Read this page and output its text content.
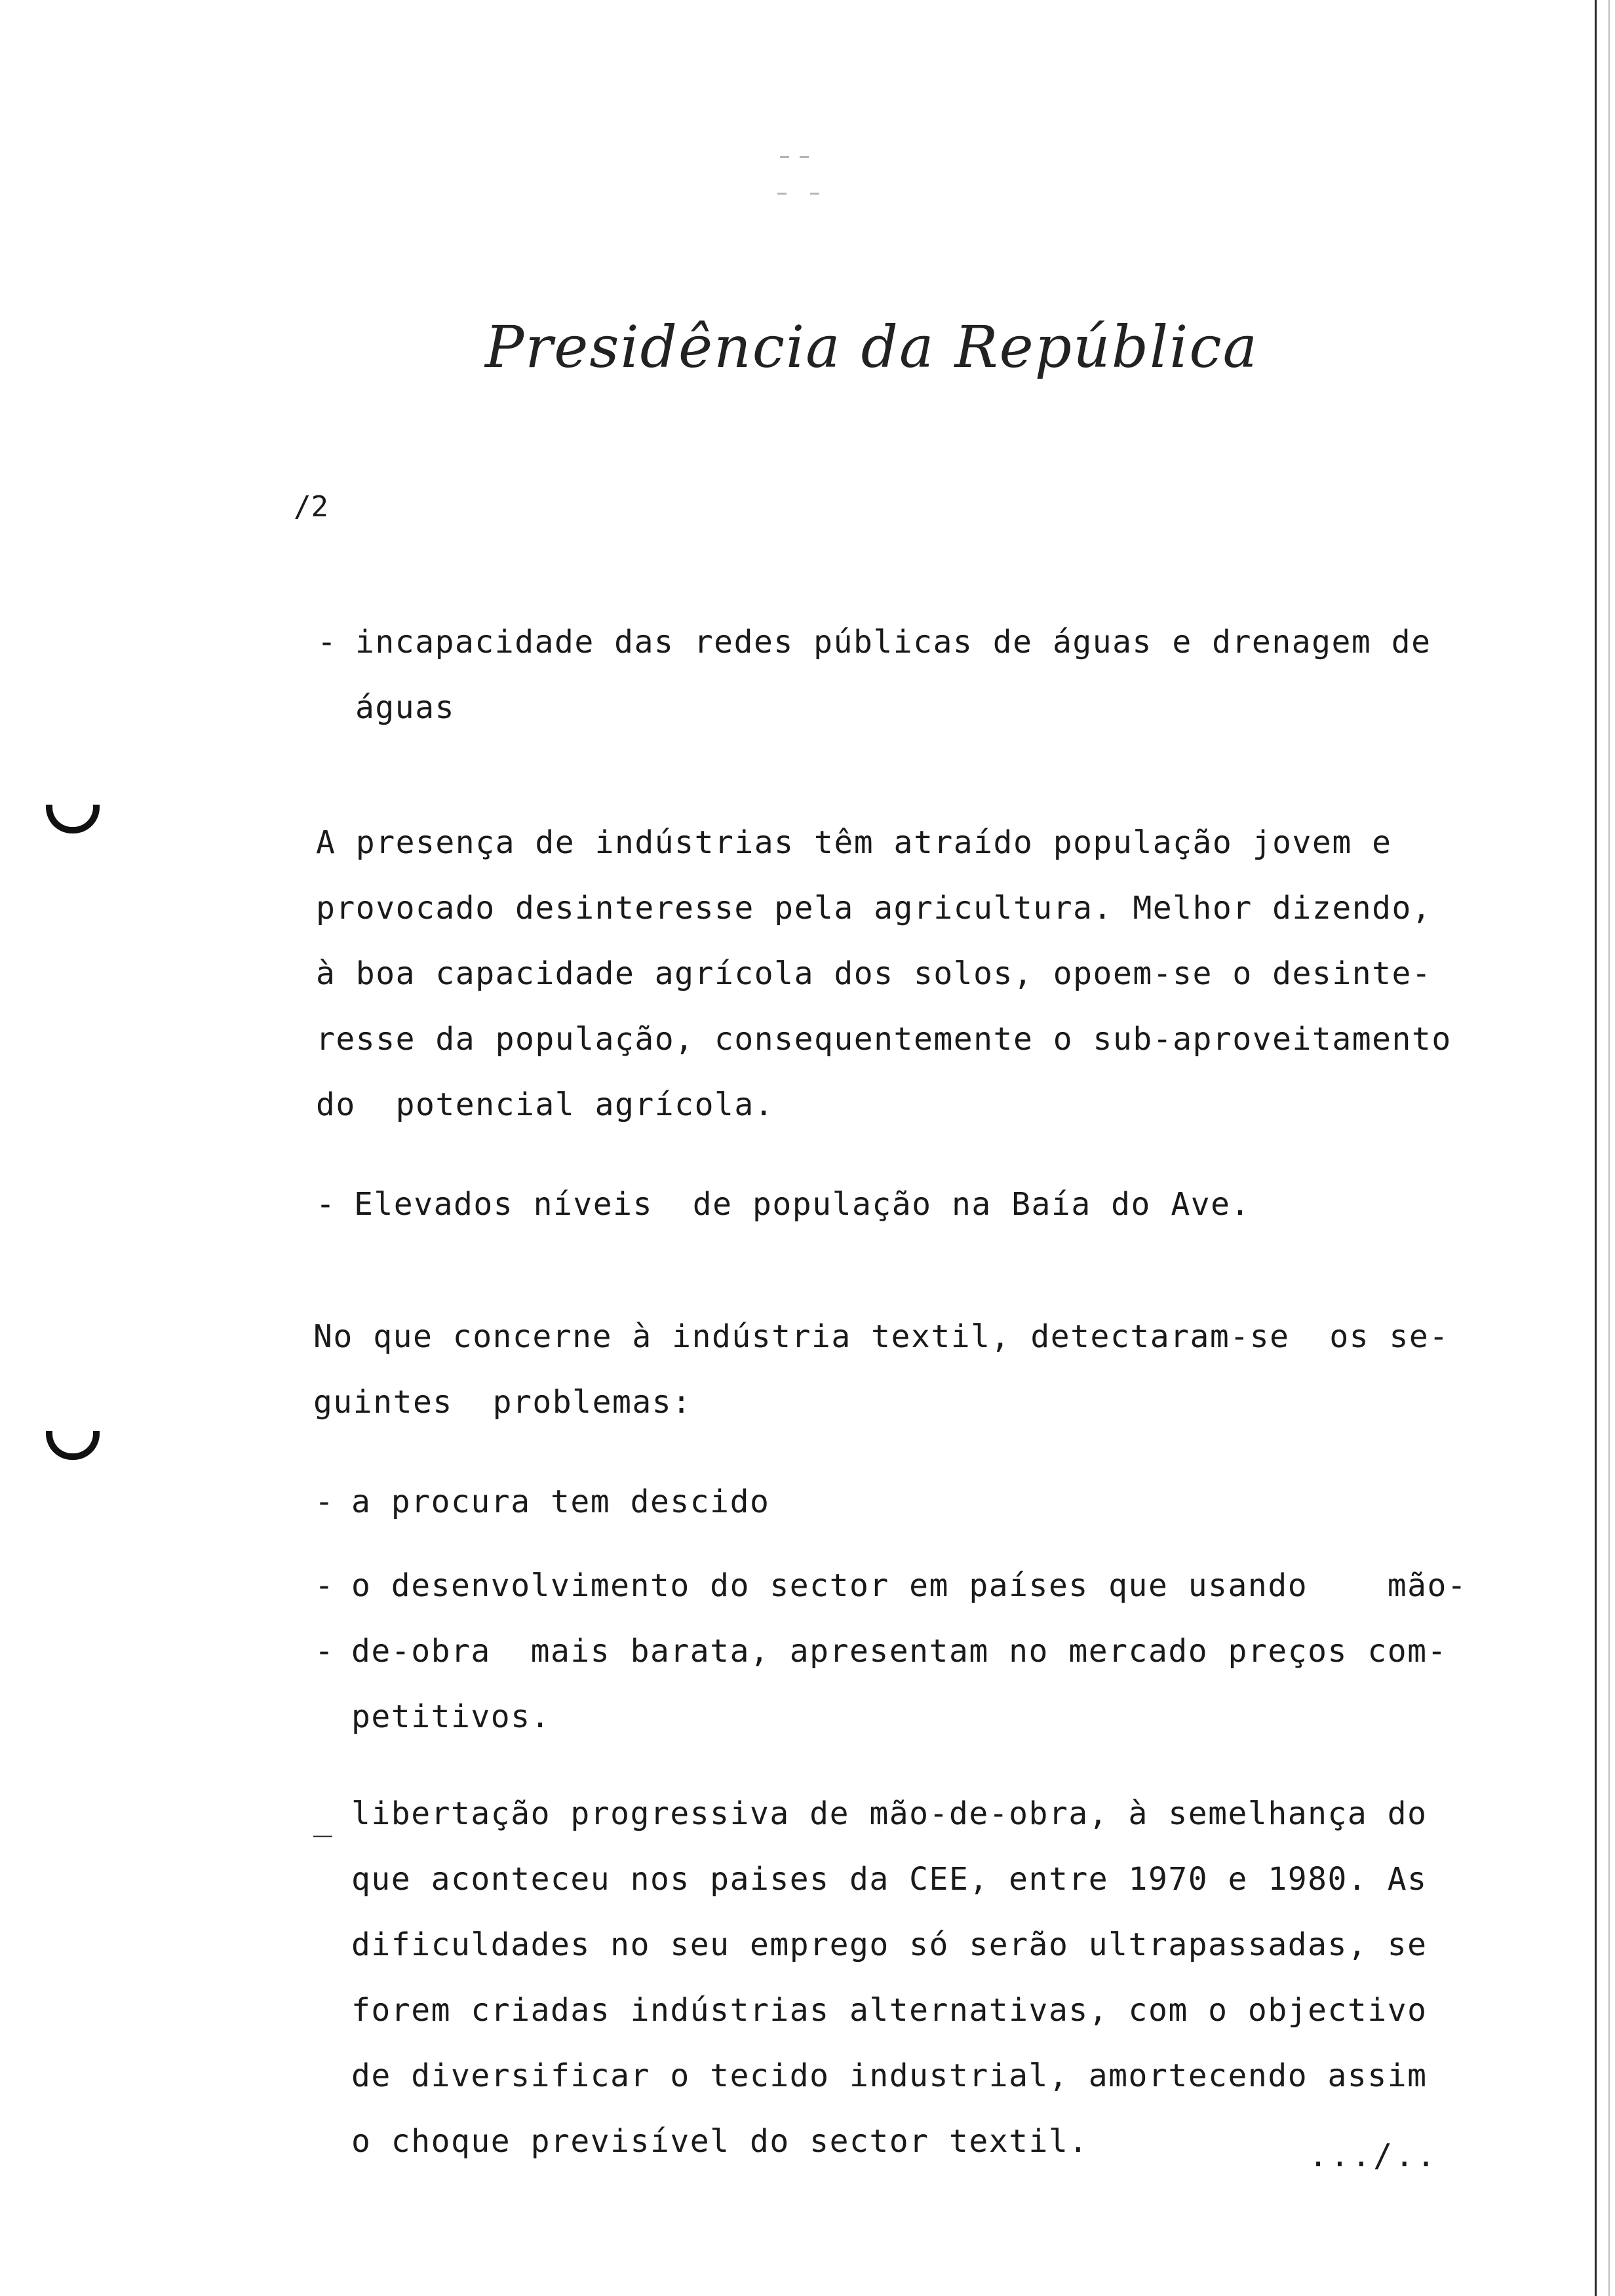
Presidência da República
/2
- incapacidade das redes públicas de águas e drenagem de
águas
A presença de indústrias têm atraído população jovem e
provocado desinteresse pela agricultura. Melhor dizendo,
à boa capacidade agrícola dos solos, opoem-se o desinte-
resse da população, consequentemente o sub-aproveitamento
do  potencial agrícola.
- Elevados níveis  de população na Baía do Ave.
No que concerne à indústria textil, detectaram-se  os se-
guintes  problemas:
- a procura tem descido
- o desenvolvimento do sector em países que usando    mão-
- de-obra  mais barata, apresentam no mercado preços com-
petitivos.
_ libertação progressiva de mão-de-obra, à semelhança do
que aconteceu nos paises da CEE, entre 1970 e 1980. As
dificuldades no seu emprego só serão ultrapassadas, se
forem criadas indústrias alternativas, com o objectivo
de diversificar o tecido industrial, amortecendo assim
o choque previsível do sector textil.	.../..
